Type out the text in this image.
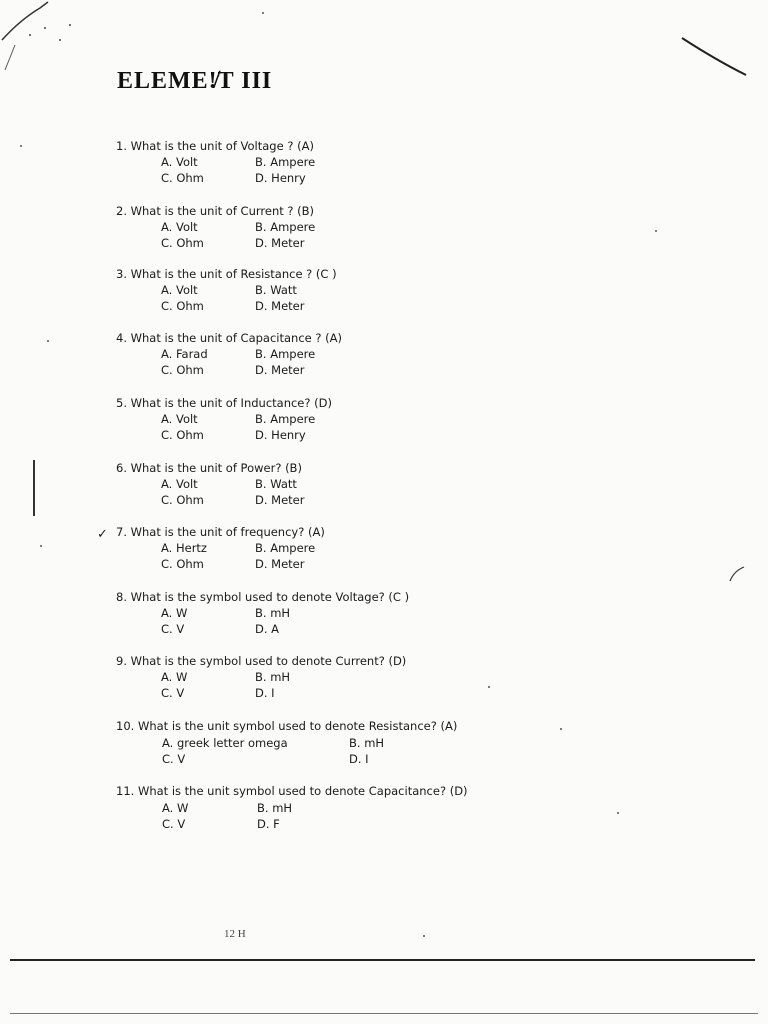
ELEME!̸T III
1. What is the unit of Voltage ? (A)
A. Volt	B. Ampere
C. Ohm	D. Henry
2. What is the unit of Current ? (B)
A. Volt	B. Ampere
C. Ohm	D. Meter
3. What is the unit of Resistance ? (C )
A. Volt	B. Watt
C. Ohm	D. Meter
4. What is the unit of Capacitance ? (A)
A. Farad	B. Ampere
C. Ohm	D. Meter
5. What is the unit of Inductance? (D)
A. Volt	B. Ampere
C. Ohm	D. Henry
6. What is the unit of Power? (B)
A. Volt	B. Watt
C. Ohm	D. Meter
7. What is the unit of frequency? (A)
A. Hertz	B. Ampere
C. Ohm	D. Meter
8. What is the symbol used to denote Voltage? (C )
A. W	B. mH
C. V	D. A
9. What is the symbol used to denote Current? (D)
A. W	B. mH
C. V	D. I
10. What is the unit symbol used to denote Resistance? (A)
A. greek letter omega	B. mH
C. V	D. I
11. What is the unit symbol used to denote Capacitance? (D)
A. W	B. mH
C. V	D. F
✓
12 H
